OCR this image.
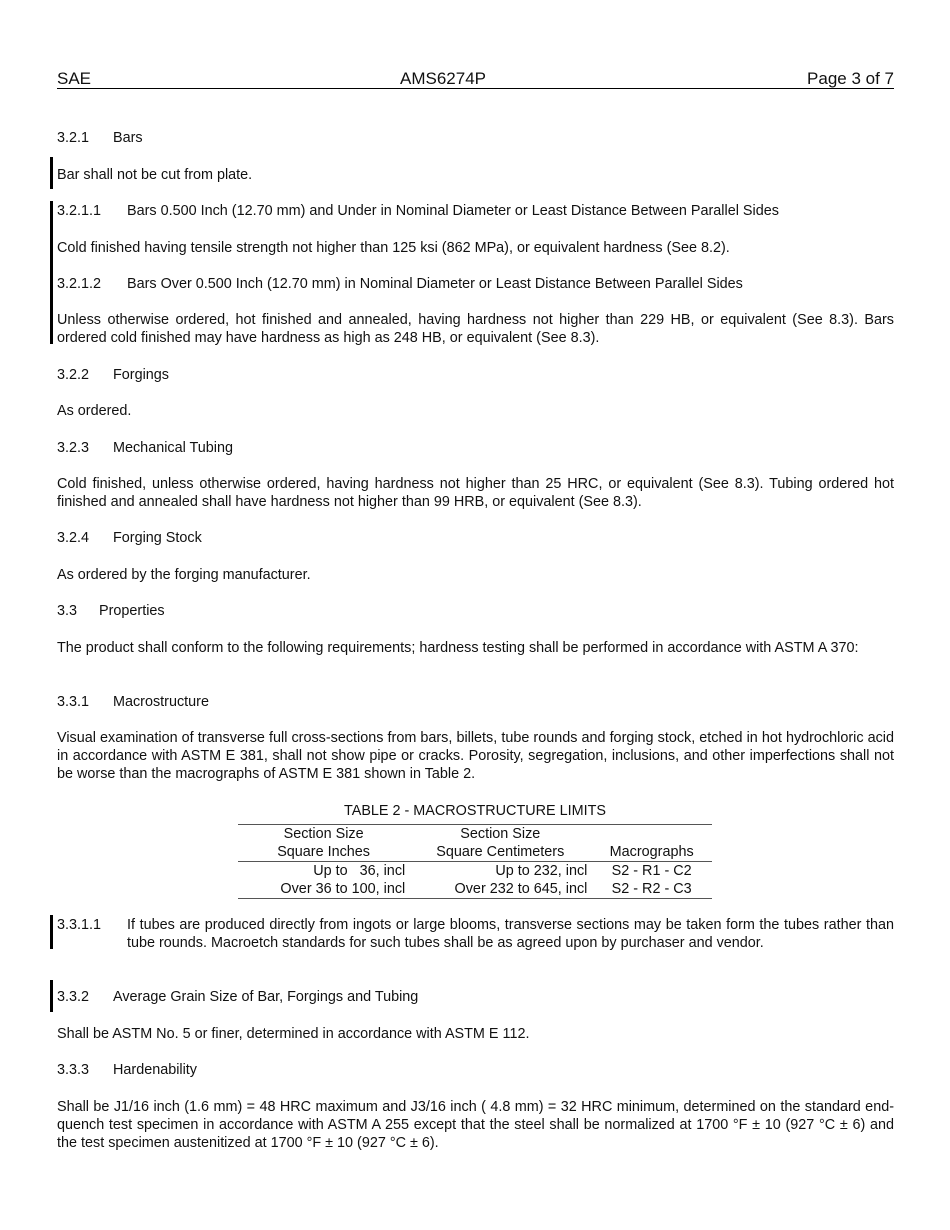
SAE	AMS6274P	Page 3 of 7
3.2.1 Bars
Bar shall not be cut from plate.
3.2.1.1 Bars 0.500 Inch (12.70 mm) and Under in Nominal Diameter or Least Distance Between Parallel Sides
Cold finished having tensile strength not higher than 125 ksi (862 MPa), or equivalent hardness (See 8.2).
3.2.1.2 Bars Over 0.500 Inch (12.70 mm) in Nominal Diameter or Least Distance Between Parallel Sides
Unless otherwise ordered, hot finished and annealed, having hardness not higher than 229 HB, or equivalent (See 8.3). Bars ordered cold finished may have hardness as high as 248 HB, or equivalent (See 8.3).
3.2.2 Forgings
As ordered.
3.2.3 Mechanical Tubing
Cold finished, unless otherwise ordered, having hardness not higher than 25 HRC, or equivalent (See 8.3). Tubing ordered hot finished and annealed shall have hardness not higher than 99 HRB, or equivalent (See 8.3).
3.2.4 Forging Stock
As ordered by the forging manufacturer.
3.3 Properties
The product shall conform to the following requirements; hardness testing shall be performed in accordance with ASTM A 370:
3.3.1 Macrostructure
Visual examination of transverse full cross-sections from bars, billets, tube rounds and forging stock, etched in hot hydrochloric acid in accordance with ASTM E 381, shall not show pipe or cracks. Porosity, segregation, inclusions, and other imperfections shall not be worse than the macrographs of ASTM E 381 shown in Table 2.
TABLE 2 - MACROSTRUCTURE LIMITS
Section Size	Section Size	
Square Inches	Square Centimeters	Macrographs
Up to   36, incl	Up to 232, incl	S2 - R1 - C2
Over 36 to 100, incl	Over 232 to 645, incl	S2 - R2 - C3
3.3.1.1 If tubes are produced directly from ingots or large blooms, transverse sections may be taken form the tubes rather than tube rounds. Macroetch standards for such tubes shall be as agreed upon by purchaser and vendor.
3.3.2 Average Grain Size of Bar, Forgings and Tubing
Shall be ASTM No. 5 or finer, determined in accordance with ASTM E 112.
3.3.3 Hardenability
Shall be J1/16 inch (1.6 mm) = 48 HRC maximum and J3/16 inch ( 4.8 mm) = 32 HRC minimum, determined on the standard end-quench test specimen in accordance with ASTM A 255 except that the steel shall be normalized at 1700 °F ± 10 (927 °C ± 6) and the test specimen austenitized at 1700 °F ± 10 (927 °C ± 6).
